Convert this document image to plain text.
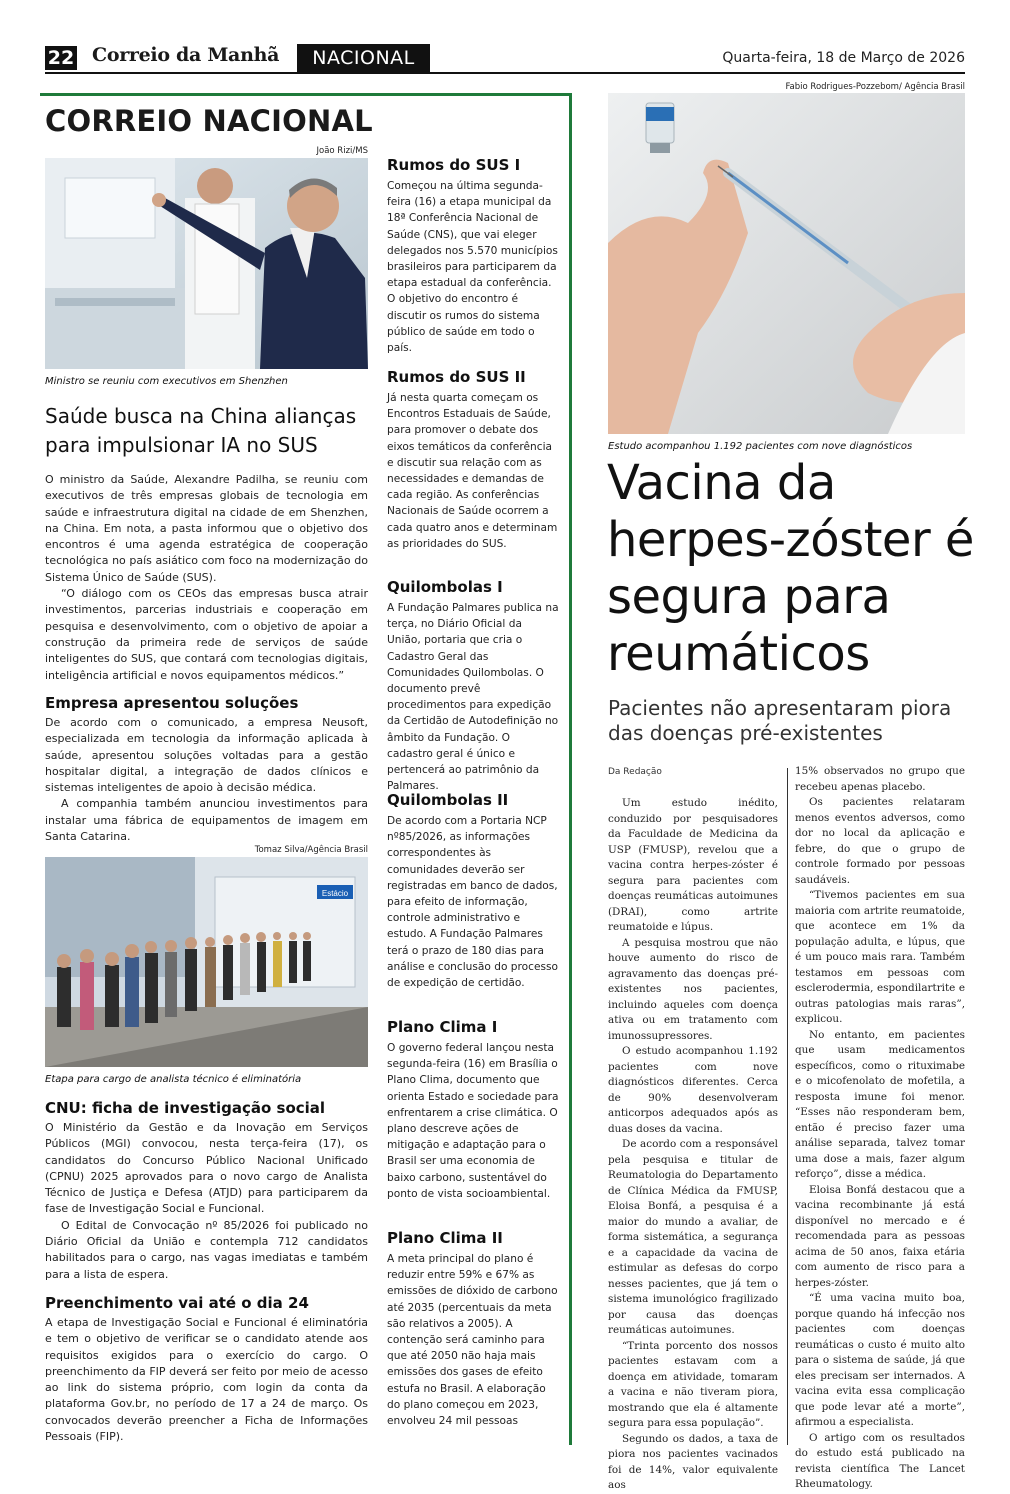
22 Correio da Manhã	NACIONAL	Quarta-feira, 18 de Março de 2026
CORREIO NACIONAL
João Rizi/MS
Ministro se reuniu com executivos em Shenzhen
Saúde busca na China alianças para impulsionar IA no SUS

O ministro da Saúde, Alexandre Padilha, se reuniu com executivos de três empresas globais de tecnologia em saúde e infraestrutura digital na cidade de em Shenzhen, na China. Em nota, a pasta informou que o objetivo dos encontros é uma agenda estratégica de cooperação tecnológica no país asiático com foco na modernização do Sistema Único de Saúde (SUS).

“O diálogo com os CEOs das empresas busca atrair investimentos, parcerias industriais e cooperação em pesquisa e desenvolvimento, com o objetivo de apoiar a construção da primeira rede de serviços de saúde inteligentes do SUS, que contará com tecnologias digitais, inteligência artificial e novos equipamentos médicos.”

Empresa apresentou soluções

De acordo com o comunicado, a empresa Neusoft, especializada em tecnologia da informação aplicada à saúde, apresentou soluções voltadas para a gestão hospitalar digital, a integração de dados clínicos e sistemas inteligentes de apoio à decisão médica.

A companhia também anunciou investimentos para instalar uma fábrica de equipamentos de imagem em Santa Catarina.

Tomaz Silva/Agência Brasil
Estácio
Etapa para cargo de analista técnico é eliminatória
CNU: ficha de investigação social

O Ministério da Gestão e da Inovação em Serviços Públicos (MGI) convocou, nesta terça-feira (17), os candidatos do Concurso Público Nacional Unificado (CPNU) 2025 aprovados para o novo cargo de Analista Técnico de Justiça e Defesa (ATJD) para participarem da fase de Investigação Social e Funcional.

O Edital de Convocação nº 85/2026 foi publicado no Diário Oficial da União e contempla 712 candidatos habilitados para o cargo, nas vagas imediatas e também para a lista de espera.

Preenchimento vai até o dia 24

A etapa de Investigação Social e Funcional é eliminatória e tem o objetivo de verificar se o candidato atende aos requisitos exigidos para o exercício do cargo. O preenchimento da FIP deverá ser feito por meio de acesso ao link do sistema próprio, com login da conta da plataforma Gov.br, no período de 17 a 24 de março. Os convocados deverão preencher a Ficha de Informações Pessoais (FIP).

Rumos do SUS I
Começou na última segunda-feira (16) a etapa municipal da 18ª Conferência Nacional de Saúde (CNS), que vai eleger delegados nos 5.570 municípios brasileiros para participarem da etapa estadual da conferência. O objetivo do encontro é discutir os rumos do sistema público de saúde em todo o país.
Rumos do SUS II
Já nesta quarta começam os Encontros Estaduais de Saúde, para promover o debate dos eixos temáticos da conferência e discutir sua relação com as necessidades e demandas de cada região. As conferências Nacionais de Saúde ocorrem a cada quatro anos e determinam as prioridades do SUS.
Quilombolas I
A Fundação Palmares publica na terça, no Diário Oficial da União, portaria que cria o Cadastro Geral das Comunidades Quilombolas. O documento prevê procedimentos para expedição da Certidão de Autodefinição no âmbito da Fundação. O cadastro geral é único e pertencerá ao patrimônio da Palmares.
Quilombolas II
De acordo com a Portaria NCP nº85/2026, as informações correspondentes às comunidades deverão ser registradas em banco de dados, para efeito de informação, controle administrativo e estudo. A Fundação Palmares terá o prazo de 180 dias para análise e conclusão do processo de expedição de certidão.
Plano Clima I
O governo federal lançou nesta segunda-feira (16) em Brasília o Plano Clima, documento que orienta Estado e sociedade para enfrentarem a crise climática. O plano descreve ações de mitigação e adaptação para o Brasil ser uma economia de baixo carbono, sustentável do ponto de vista socioambiental.
Plano Clima II
A meta principal do plano é reduzir entre 59% e 67% as emissões de dióxido de carbono até 2035 (percentuais da meta são relativos a 2005). A contenção será caminho para que até 2050 não haja mais emissões dos gases de efeito estufa no Brasil. A elaboração do plano começou em 2023, envolveu 24 mil pessoas
Fabio Rodrigues-Pozzebom/ Agência Brasil
Estudo acompanhou 1.192 pacientes com nove diagnósticos
Vacina da herpes-zóster é segura para reumáticos
Pacientes não apresentaram piora das doenças pré-existentes
Da Redação

Um estudo inédito, conduzido por pesquisadores da Faculdade de Medicina da USP (FMUSP), revelou que a vacina contra herpes-zóster é segura para pacientes com doenças reumáticas autoimunes (DRAI), como artrite reumatoide e lúpus.

A pesquisa mostrou que não houve aumento do risco de agravamento das doenças pré-existentes nos pacientes, incluindo aqueles com doença ativa ou em tratamento com imunossupressores.

O estudo acompanhou 1.192 pacientes com nove diagnósticos diferentes. Cerca de 90% desenvolveram anticorpos adequados após as duas doses da vacina.

De acordo com a responsável pela pesquisa e titular de Reumatologia do Departamento de Clínica Médica da FMUSP, Eloisa Bonfá, a pesquisa é a maior do mundo a avaliar, de forma sistemática, a segurança e a capacidade da vacina de estimular as defesas do corpo nesses pacientes, que já tem o sistema imunológico fragilizado por causa das doenças reumáticas autoimunes.

“Trinta porcento dos nossos pacientes estavam com a doença em atividade, tomaram a vacina e não tiveram piora, mostrando que ela é altamente segura para essa população”.

Segundo os dados, a taxa de piora nos pacientes vacinados foi de 14%, valor equivalente aos

15% observados no grupo que recebeu apenas placebo.

Os pacientes relataram menos eventos adversos, como dor no local da aplicação e febre, do que o grupo de controle formado por pessoas saudáveis.

“Tivemos pacientes em sua maioria com artrite reumatoide, que acontece em 1% da população adulta, e lúpus, que é um pouco mais rara. Também testamos em pessoas com esclerodermia, espondilartrite e outras patologias mais raras”, explicou.

No entanto, em pacientes que usam medicamentos específicos, como o rituximabe e o micofenolato de mofetila, a resposta imune foi menor. “Esses não responderam bem, então é preciso fazer uma análise separada, talvez tomar uma dose a mais, fazer algum reforço”, disse a médica.

Eloisa Bonfá destacou que a vacina recombinante já está disponível no mercado e é recomendada para as pessoas acima de 50 anos, faixa etária com aumento de risco para a herpes-zóster.

“É uma vacina muito boa, porque quando há infecção nos pacientes com doenças reumáticas o custo é muito alto para o sistema de saúde, já que eles precisam ser internados. A vacina evita essa complicação que pode levar até a morte”, afirmou a especialista.

O artigo com os resultados do estudo está publicado na revista científica The Lancet Rheumatology.
